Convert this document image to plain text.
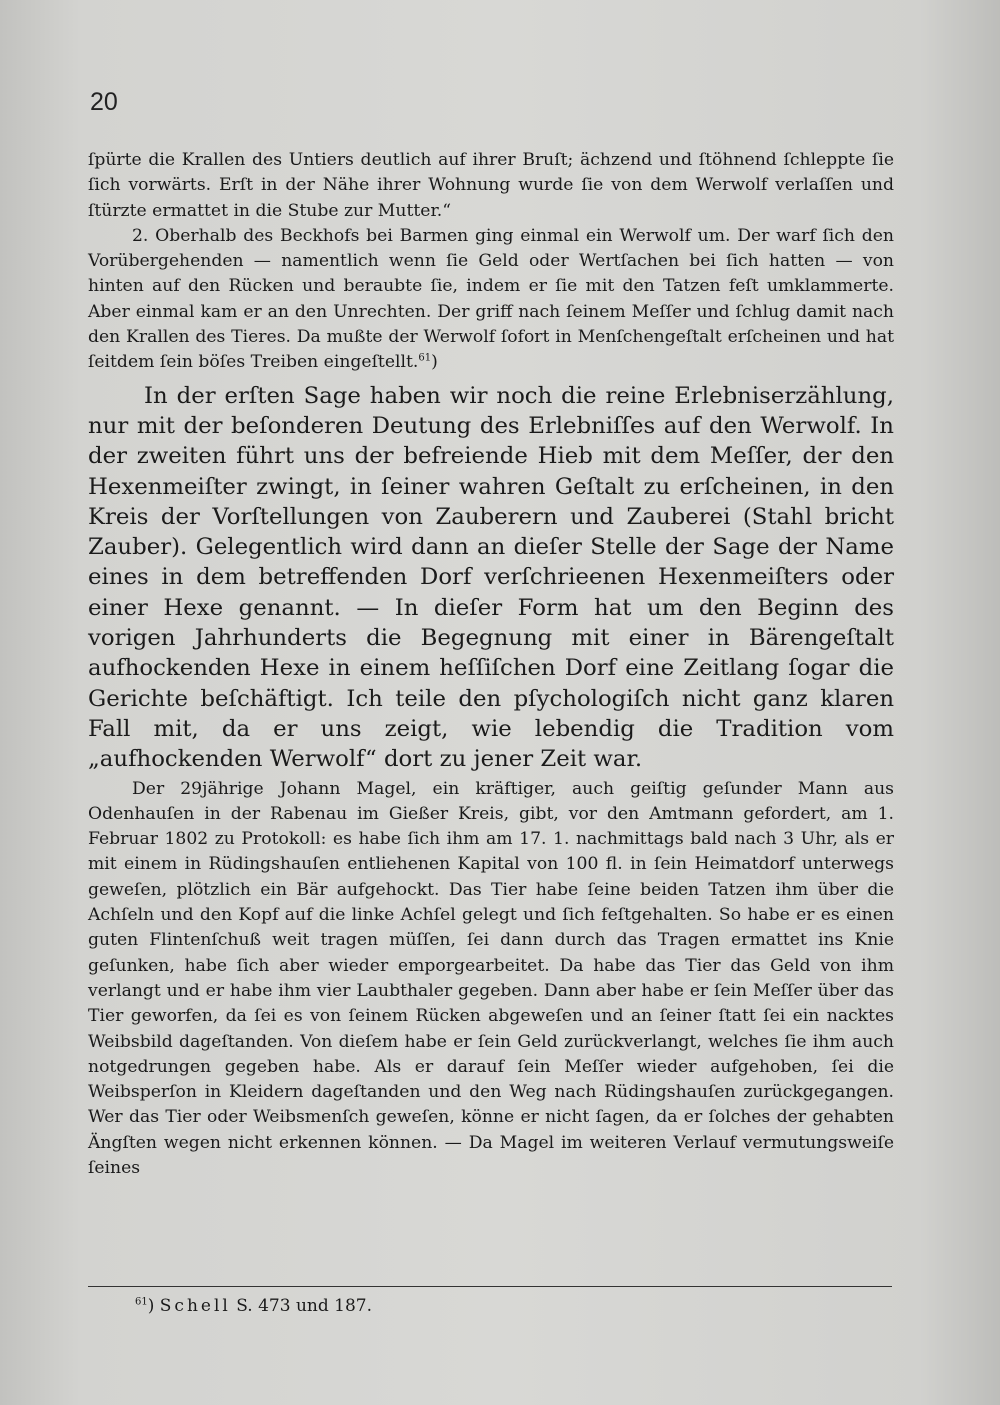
20

ſpürte die Krallen des Untiers deutlich auf ihrer Bruſt; ächzend und ſtöhnend ſchleppte ſie ſich vorwärts. Erſt in der Nähe ihrer Wohnung wurde ſie von dem Werwolf verlaſſen und ſtürzte ermattet in die Stube zur Mutter.“

2. Oberhalb des Beckhofs bei Barmen ging einmal ein Werwolf um. Der warf ſich den Vorübergehenden — namentlich wenn ſie Geld oder Wertſachen bei ſich hatten — von hinten auf den Rücken und beraubte ſie, indem er ſie mit den Tatzen feſt umklammerte. Aber einmal kam er an den Unrechten. Der griff nach ſeinem Meſſer und ſchlug damit nach den Krallen des Tieres. Da mußte der Werwolf ſofort in Menſchengeſtalt erſcheinen und hat ſeitdem ſein böſes Treiben eingeſtellt.$^{61}$)

In der erſten Sage haben wir noch die reine Erlebniserzählung, nur mit der beſonderen Deutung des Erlebniſſes auf den Werwolf. In der zweiten führt uns der befreiende Hieb mit dem Meſſer, der den Hexenmeiſter zwingt, in ſeiner wahren Geſtalt zu erſcheinen, in den Kreis der Vorſtellungen von Zauberern und Zauberei (Stahl bricht Zauber). Gelegentlich wird dann an dieſer Stelle der Sage der Name eines in dem betreffenden Dorf verſchrieenen Hexenmeiſters oder einer Hexe genannt. — In dieſer Form hat um den Beginn des vorigen Jahrhunderts die Begegnung mit einer in Bärengeſtalt aufhockenden Hexe in einem heſſiſchen Dorf eine Zeitlang ſogar die Gerichte beſchäftigt. Ich teile den pſychologiſch nicht ganz klaren Fall mit, da er uns zeigt, wie lebendig die Tradition vom „aufhockenden Werwolf“ dort zu jener Zeit war.

Der 29jährige Johann Magel, ein kräftiger, auch geiſtig geſunder Mann aus Odenhauſen in der Rabenau im Gießer Kreis, gibt, vor den Amtmann gefordert, am 1. Februar 1802 zu Protokoll: es habe ſich ihm am 17. 1. nachmittags bald nach 3 Uhr, als er mit einem in Rüdingshauſen entliehenen Kapital von 100 fl. in ſein Heimatdorf unterwegs geweſen, plötzlich ein Bär aufgehockt. Das Tier habe ſeine beiden Tatzen ihm über die Achſeln und den Kopf auf die linke Achſel gelegt und ſich feſtgehalten. So habe er es einen guten Flintenſchuß weit tragen müſſen, ſei dann durch das Tragen ermattet ins Knie geſunken, habe ſich aber wieder emporgearbeitet. Da habe das Tier das Geld von ihm verlangt und er habe ihm vier Laubthaler gegeben. Dann aber habe er ſein Meſſer über das Tier geworfen, da ſei es von ſeinem Rücken abgeweſen und an ſeiner ſtatt ſei ein nacktes Weibsbild dageſtanden. Von dieſem habe er ſein Geld zurückverlangt, welches ſie ihm auch notgedrungen gegeben habe. Als er darauf ſein Meſſer wieder aufgehoben, ſei die Weibsperſon in Kleidern dageſtanden und den Weg nach Rüdingshauſen zurückgegangen. Wer das Tier oder Weibsmenſch geweſen, könne er nicht ſagen, da er ſolches der gehabten Ängſten wegen nicht erkennen können. — Da Magel im weiteren Verlauf vermutungsweiſe ſeines

$^{61}$) Schell S. 473 und 187.
